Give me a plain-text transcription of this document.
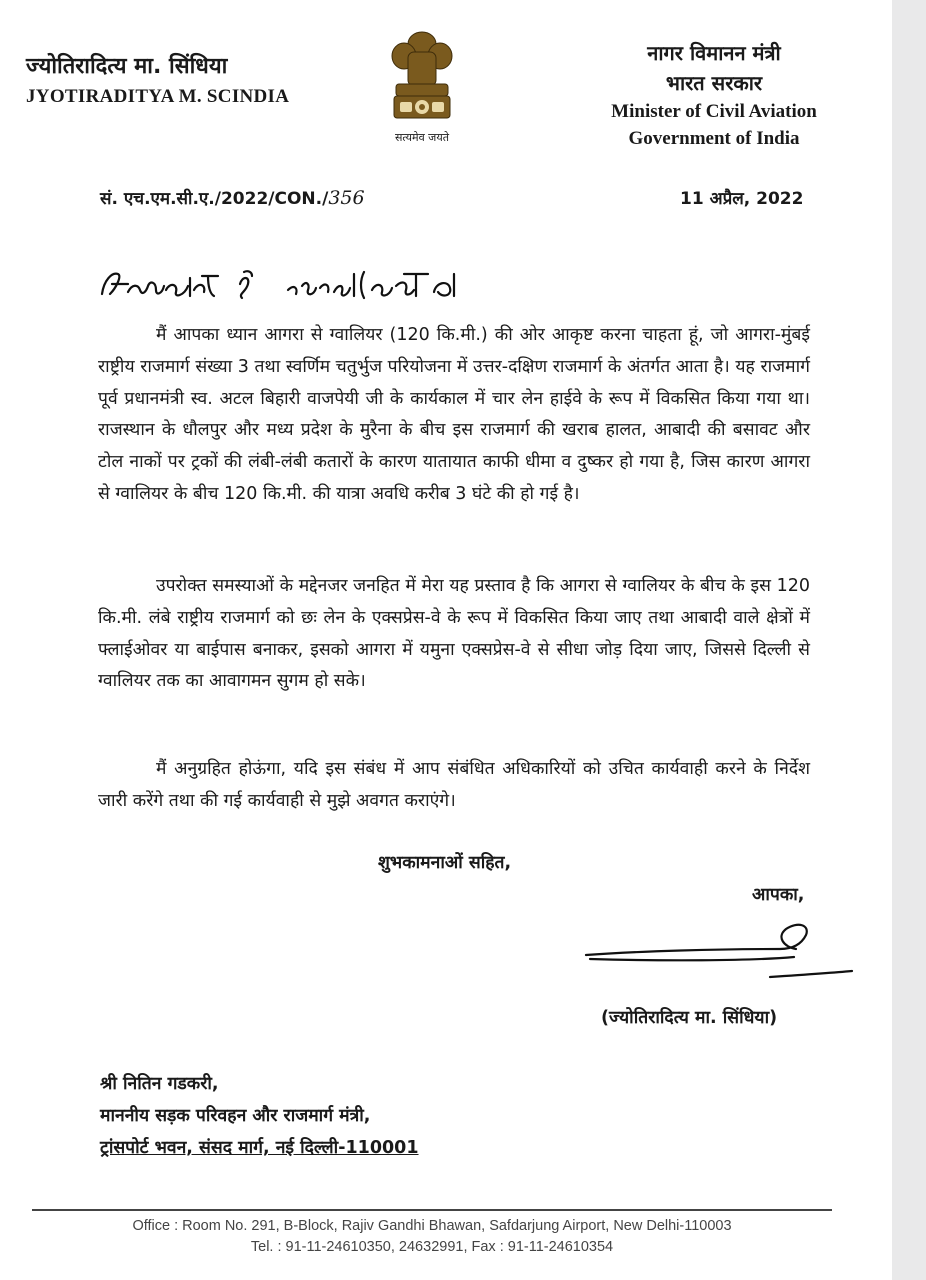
ज्योतिरादित्य मा. सिंधिया
JYOTIRADITYA M. SCINDIA
सत्यमेव जयते
नागर विमानन मंत्री
भारत सरकार
Minister of Civil Aviation
Government of India
सं. एच.एम.सी.ए./2022/CON./356	11 अप्रैल, 2022

मैं आपका ध्यान आगरा से ग्वालियर (120 कि.मी.) की ओर आकृष्ट करना चाहता हूं, जो आगरा-मुंबई राष्ट्रीय राजमार्ग संख्या 3 तथा स्वर्णिम चतुर्भुज परियोजना में उत्तर-दक्षिण राजमार्ग के अंतर्गत आता है। यह राजमार्ग पूर्व प्रधानमंत्री स्व. अटल बिहारी वाजपेयी जी के कार्यकाल में चार लेन हाईवे के रूप में विकसित किया गया था। राजस्थान के धौलपुर और मध्य प्रदेश के मुरैना के बीच इस राजमार्ग की खराब हालत, आबादी की बसावट और टोल नाकों पर ट्रकों की लंबी-लंबी कतारों के कारण यातायात काफी धीमा व दुष्कर हो गया है, जिस कारण आगरा से ग्वालियर के बीच 120 कि.मी. की यात्रा अवधि करीब 3 घंटे की हो गई है।

उपरोक्त समस्याओं के मद्देनजर जनहित में मेरा यह प्रस्ताव है कि आगरा से ग्वालियर के बीच के इस 120 कि.मी. लंबे राष्ट्रीय राजमार्ग को छः लेन के एक्सप्रेस-वे के रूप में विकसित किया जाए तथा आबादी वाले क्षेत्रों में फ्लाईओवर या बाईपास बनाकर, इसको आगरा में यमुना एक्सप्रेस-वे से सीधा जोड़ दिया जाए, जिससे दिल्ली से ग्वालियर तक का आवागमन सुगम हो सके।

मैं अनुग्रहित होऊंगा, यदि इस संबंध में आप संबंधित अधिकारियों को उचित कार्यवाही करने के निर्देश जारी करेंगे तथा की गई कार्यवाही से मुझे अवगत कराएंगे।

शुभकामनाओं सहित,
आपका,
(ज्योतिरादित्य मा. सिंधिया)
श्री नितिन गडकरी,
माननीय सड़क परिवहन और राजमार्ग मंत्री,
ट्रांसपोर्ट भवन, संसद मार्ग, नई दिल्ली-110001
Office : Room No. 291, B-Block, Rajiv Gandhi Bhawan, Safdarjung Airport, New Delhi-110003
Tel. : 91-11-24610350, 24632991, Fax : 91-11-24610354
